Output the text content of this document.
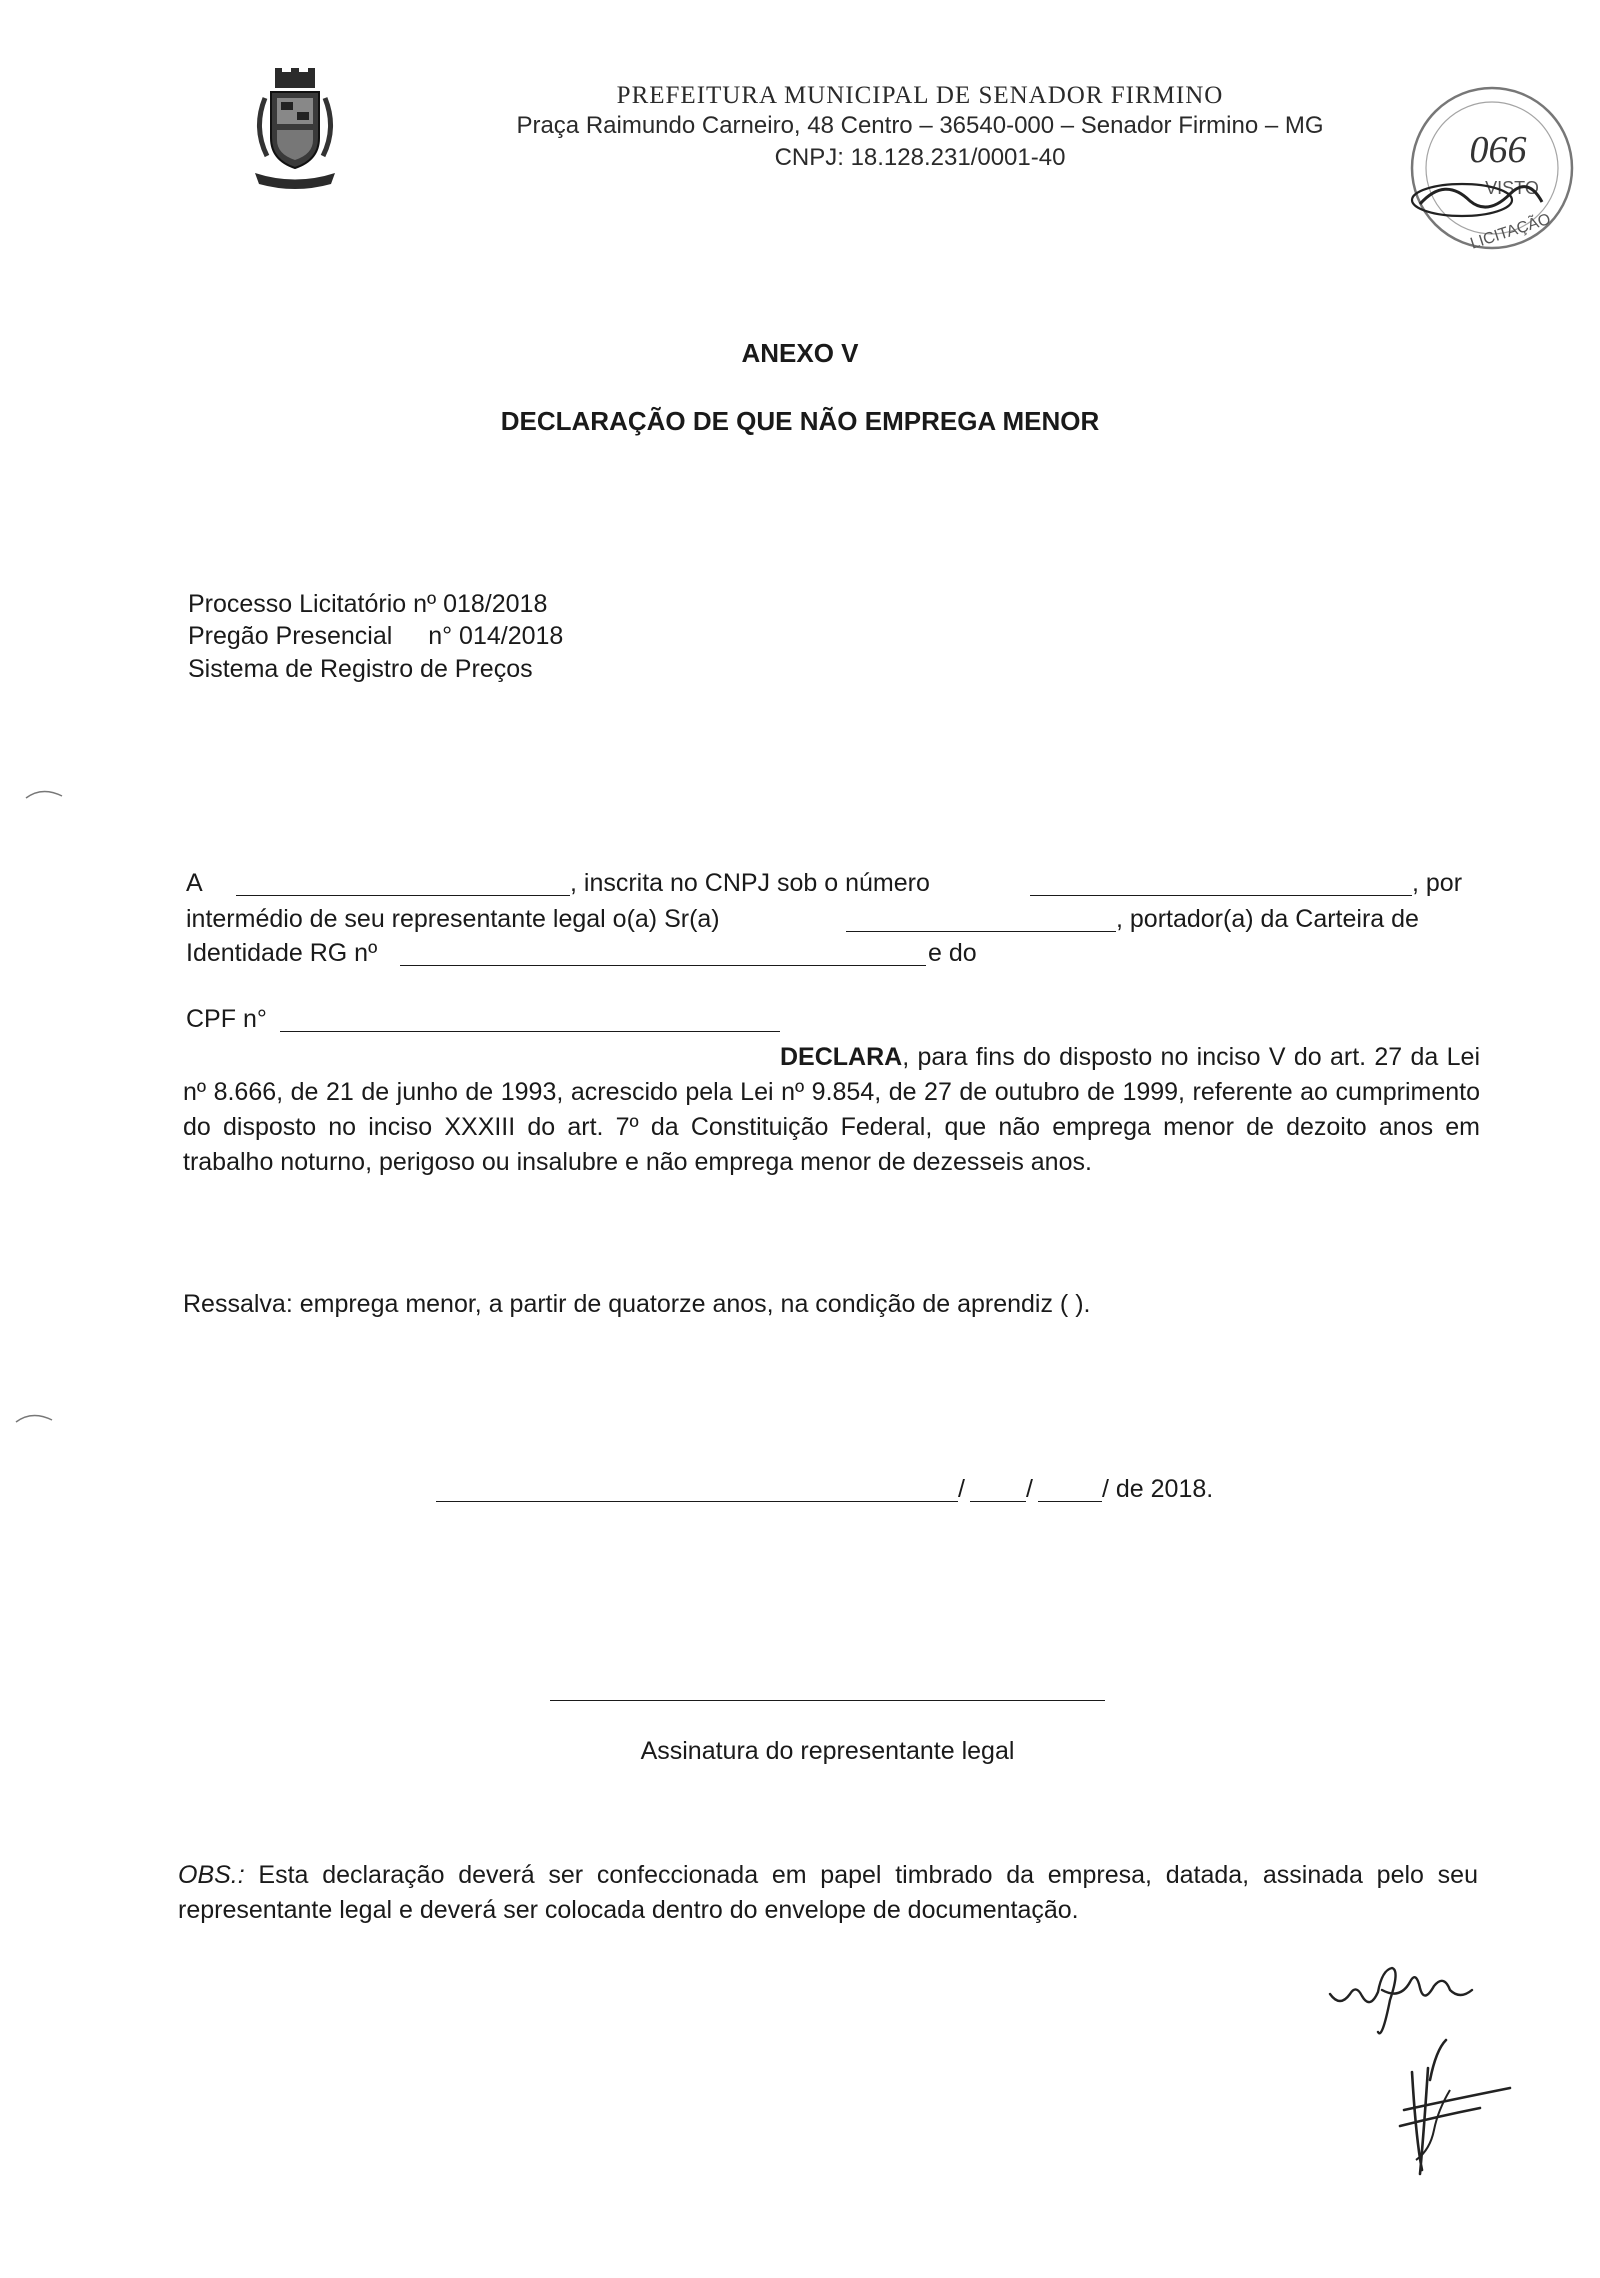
PREFEITURA MUNICIPAL DE SENADOR FIRMINO
Praça Raimundo Carneiro, 48 Centro – 36540-000 – Senador Firmino – MG
CNPJ: 18.128.231/0001-40	066
VISTO
LICITAÇÃO
ANEXO V
DECLARAÇÃO DE QUE NÃO EMPREGA MENOR
Processo Licitatório nº 018/2018
Pregão Presencial n° 014/2018
Sistema de Registro de Preços
A	, inscrita no CNPJ sob o número	, por
intermédio de seu representante legal o(a) Sr(a)	, portador(a) da Carteira de
Identidade RG nº	e do
CPF n°

DECLARA, para fins do disposto no inciso V do art. 27 da Lei nº 8.666, de 21 de junho de 1993, acrescido pela Lei nº 9.854, de 27 de outubro de 1999, referente ao cumprimento do disposto no inciso XXXIII do art. 7º da Constituição Federal, que não emprega menor de dezoito anos em trabalho noturno, perigoso ou insalubre e não emprega menor de dezesseis anos.

Ressalva: emprega menor, a partir de quatorze anos, na condição de aprendiz ( ).
/ /	/ de 2018.
Assinatura do representante legal
OBS.: Esta declaração deverá ser confeccionada em papel timbrado da empresa, datada, assinada pelo seu representante legal e deverá ser colocada dentro do envelope de documentação.
